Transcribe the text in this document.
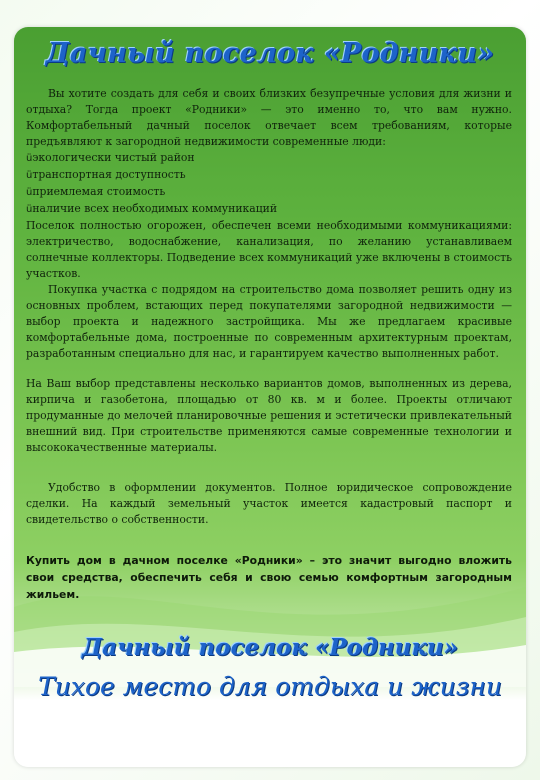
Дачный поселок «Родники»

Вы хотите создать для себя и своих близких безупречные условия для жизни и отдыха? Тогда проект «Родники» — это именно то, что вам нужно. Комфортабельный дачный поселок отвечает всем требованиям, которые предъявляют к загородной недвижимости современные люди:

üэкологически чистый район

üтранспортная доступность

üприемлемая стоимость

üналичие всех необходимых коммуникаций

Поселок полностью огорожен, обеспечен всеми необходимыми коммуникациями: электричество, водоснабжение, канализация, по желанию устанавливаем солнечные коллекторы. Подведение всех коммуникаций уже включены в стоимость участков.

Покупка участка с подрядом на строительство дома позволяет решить одну из основных проблем, встающих перед покупателями загородной недвижимости — выбор проекта и надежного застройщика. Мы же предлагаем красивые комфортабельные дома, построенные по современным архитектурным проектам, разработанным специально для нас, и гарантируем качество выполненных работ.

На Ваш выбор представлены несколько вариантов домов, выполненных из дерева, кирпича и газобетона, площадью от 80 кв. м и более. Проекты отличают продуманные до мелочей планировочные решения и эстетически привлекательный внешний вид. При строительстве применяются самые современные технологии и высококачественные материалы.

Удобство в оформлении документов. Полное юридическое сопровождение сделки. На каждый земельный участок имеется кадастровый паспорт и свидетельство о собственности.

Купить дом в дачном поселке «Родники» – это значит выгодно вложить свои средства, обеспечить себя и свою семью комфортным загородным жильем.

Дачный поселок «Родники»
Тихое место для отдыха и жизни
